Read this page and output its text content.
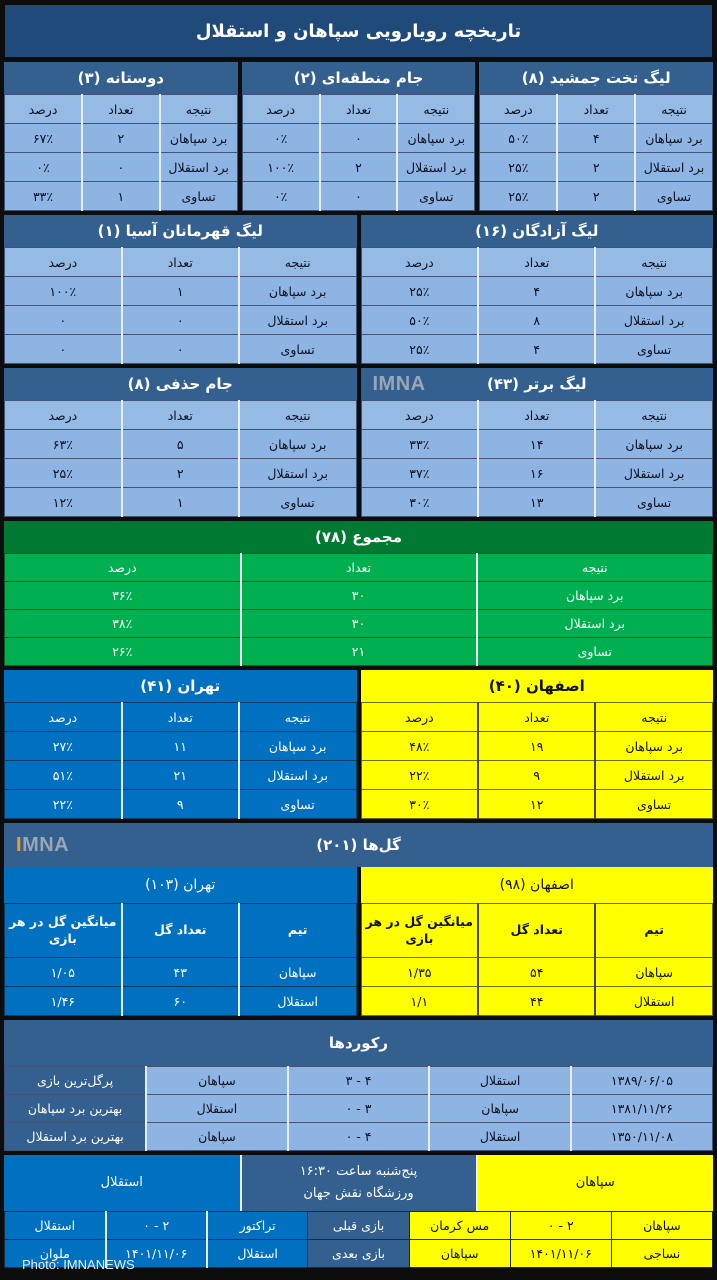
تاریخچه رویارویی سپاهان و استقلال
لیگ تخت جمشید (۸)
نتیجه	تعداد	درصد
برد سپاهان	۴	۵۰٪
برد استقلال	۲	۲۵٪
تساوی	۲	۲۵٪
جام منطقه‌ای (۲)
نتیجه	تعداد	درصد
برد سپاهان	۰	۰٪
برد استقلال	۲	۱۰۰٪
تساوی	۰	۰٪
دوستانه (۳)
نتیجه	تعداد	درصد
برد سپاهان	۲	۶۷٪
برد استقلال	۰	۰٪
تساوی	۱	۳۳٪
لیگ آزادگان (۱۶)
نتیجه	تعداد	درصد
برد سپاهان	۴	۲۵٪
برد استقلال	۸	۵۰٪
تساوی	۴	۲۵٪
لیگ قهرمانان آسیا (۱)
نتیجه	تعداد	درصد
برد سپاهان	۱	۱۰۰٪
برد استقلال	۰	۰
تساوی	۰	۰
لیگ برتر (۴۳)
IMNA
نتیجه	تعداد	درصد
برد سپاهان	۱۴	۳۳٪
برد استقلال	۱۶	۳۷٪
تساوی	۱۳	۳۰٪
جام حذفی (۸)
نتیجه	تعداد	درصد
برد سپاهان	۵	۶۳٪
برد استقلال	۲	۲۵٪
تساوی	۱	۱۲٪
مجموع (۷۸)
نتیجه	تعداد	درصد
برد سپاهان	۳۰	۳۶٪
برد استقلال	۳۰	۳۸٪
تساوی	۲۱	۲۶٪
اصفهان (۴۰)
نتیجه	تعداد	درصد
برد سپاهان	۱۹	۴۸٪
برد استقلال	۹	۲۲٪
تساوی	۱۲	۳۰٪
تهران (۴۱)
نتیجه	تعداد	درصد
برد سپاهان	۱۱	۲۷٪
برد استقلال	۲۱	۵۱٪
تساوی	۹	۲۲٪
IMNA	گل‌ها (۲۰۱)
اصفهان (۹۸)
تیم	تعداد گل	میانگین گل در هر بازی
سپاهان	۵۴	۱/۳۵
استقلال	۴۴	۱/۱
تهران (۱۰۳)
تیم	تعداد گل	میانگین گل در هر بازی
سپاهان	۴۳	۱/۰۵
استقلال	۶۰	۱/۴۶
رکوردها
۱۳۸۹/۰۶/۰۵	استقلال	۴ - ۳	سپاهان	پرگل‌ترین بازی
۱۳۸۱/۱۱/۲۶	سپاهان	۳ - ۰	استقلال	بهترین برد سپاهان
۱۳۵۰/۱۱/۰۸	استقلال	۴ - ۰	سپاهان	بهترین برد استقلال
سپاهان
پنج‌شنبه ساعت ۱۶:۳۰
ورزشگاه نقش جهان
استقلال
سپاهان	۲ - ۰	مس کرمان	بازی قبلی	تراکتور	۲ - ۰	استقلال
نساجی	۱۴۰۱/۱۱/۰۶	سپاهان	بازی بعدی	استقلال	۱۴۰۱/۱۱/۰۶	ملوان
Photo: IMNANEWS
